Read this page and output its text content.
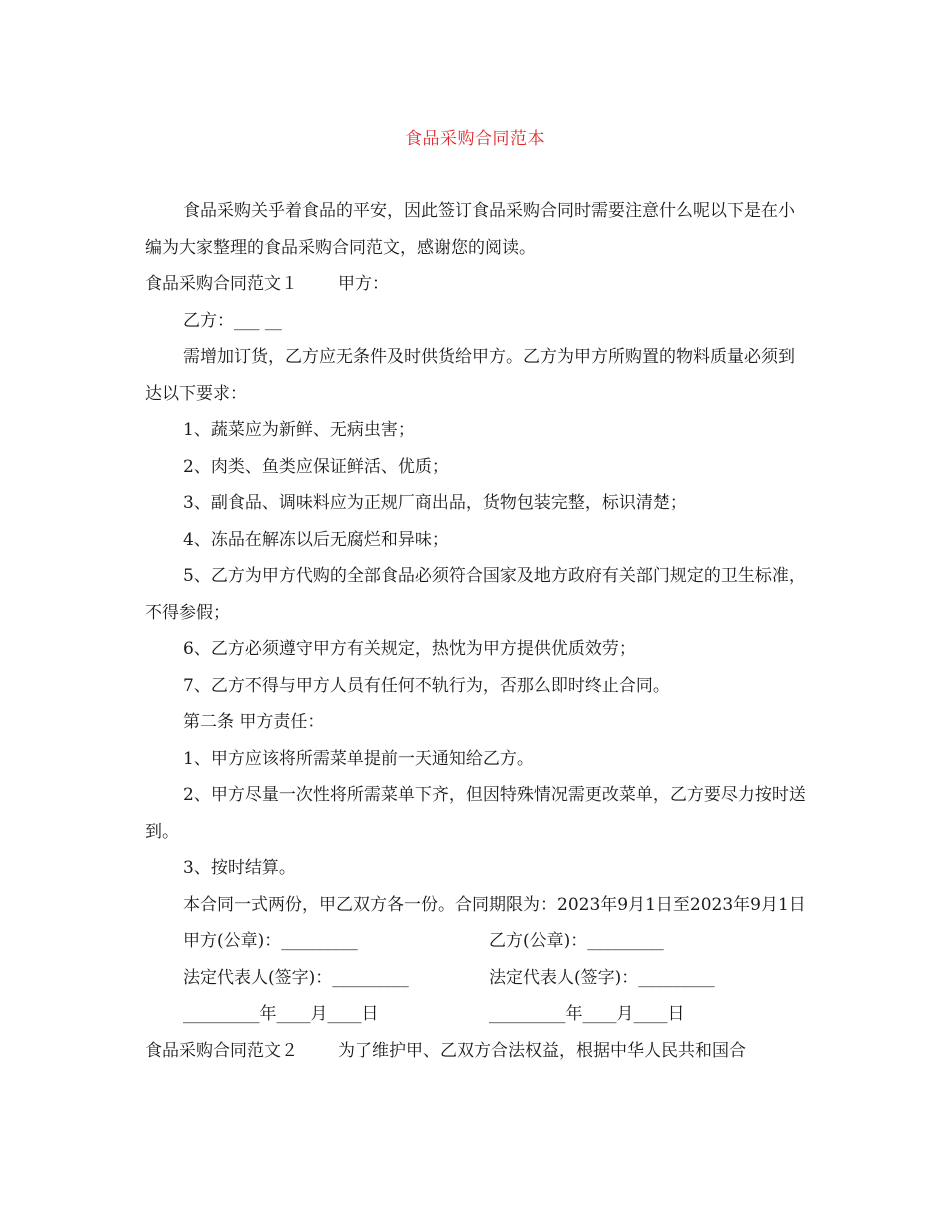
食品采购合同范本

食品采购关乎着食品的平安，因此签订食品采购合同时需要注意什么呢以下是在小编为大家整理的食品采购合同范文，感谢您的阅读。

食品采购合同范文１ 甲方：

乙方：___ __

需增加订货，乙方应无条件及时供货给甲方。乙方为甲方所购置的物料质量必须到达以下要求：

1、蔬菜应为新鲜、无病虫害；

2、肉类、鱼类应保证鲜活、优质；

3、副食品、调味料应为正规厂商出品，货物包装完整，标识清楚；

4、冻品在解冻以后无腐烂和异味；

5、乙方为甲方代购的全部食品必须符合国家及地方政府有关部门规定的卫生标准，不得参假；

6、乙方必须遵守甲方有关规定，热忱为甲方提供优质效劳；

7、乙方不得与甲方人员有任何不轨行为，否那么即时终止合同。

第二条 甲方责任：

1、甲方应该将所需菜单提前一天通知给乙方。

2、甲方尽量一次性将所需菜单下齐，但因特殊情况需更改菜单，乙方要尽力按时送到。

3、按时结算。

本合同一式两份，甲乙双方各一份。合同期限为：2023年9月1日至2023年9月1日

甲方(公章)：_________	乙方(公章)：_________
法定代表人(签字)：_________	法定代表人(签字)：_________
_________年____月____日	_________年____月____日

食品采购合同范文２ 为了维护甲、乙双方合法权益，根据中华人民共和国合
